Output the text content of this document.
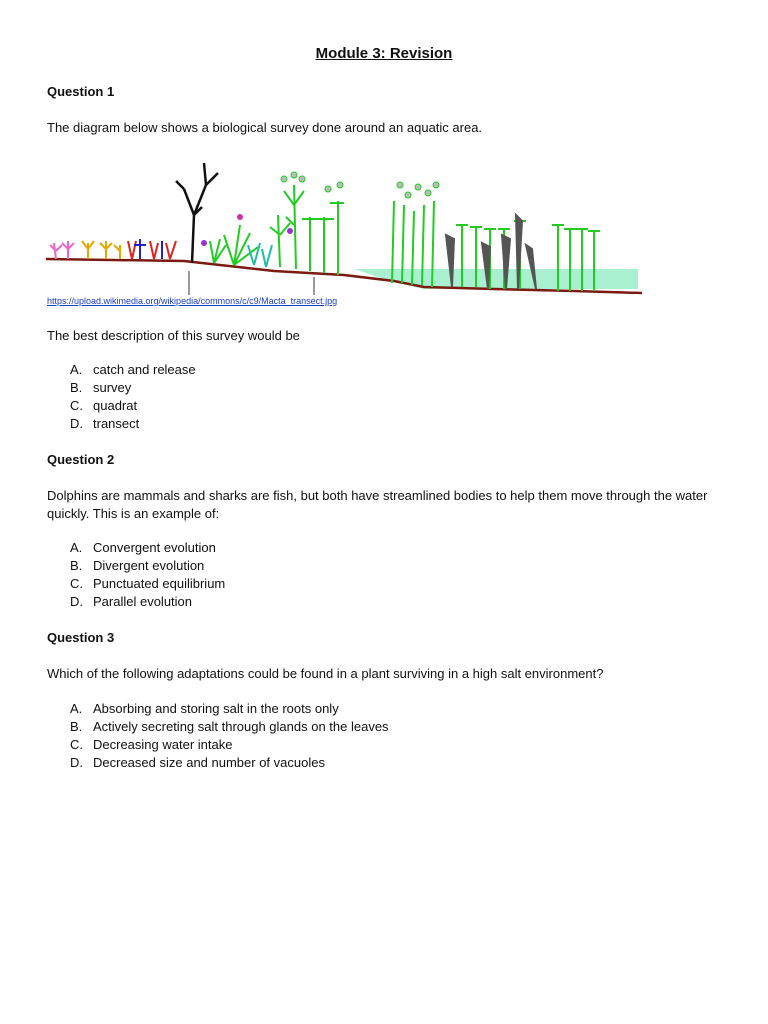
Module 3: Revision
Question 1
The diagram below shows a biological survey done around an aquatic area.
https://upload.wikimedia.org/wikipedia/commons/c/c9/Macta_transect.jpg
The best description of this survey would be
A. catch and release
B. survey
C. quadrat
D. transect
Question 2
Dolphins are mammals and sharks are fish, but both have streamlined bodies to help them move through the water quickly. This is an example of:
A. Convergent evolution
B. Divergent evolution
C. Punctuated equilibrium
D. Parallel evolution
Question 3
Which of the following adaptations could be found in a plant surviving in a high salt environment?
A. Absorbing and storing salt in the roots only
B. Actively secreting salt through glands on the leaves
C. Decreasing water intake
D. Decreased size and number of vacuoles
